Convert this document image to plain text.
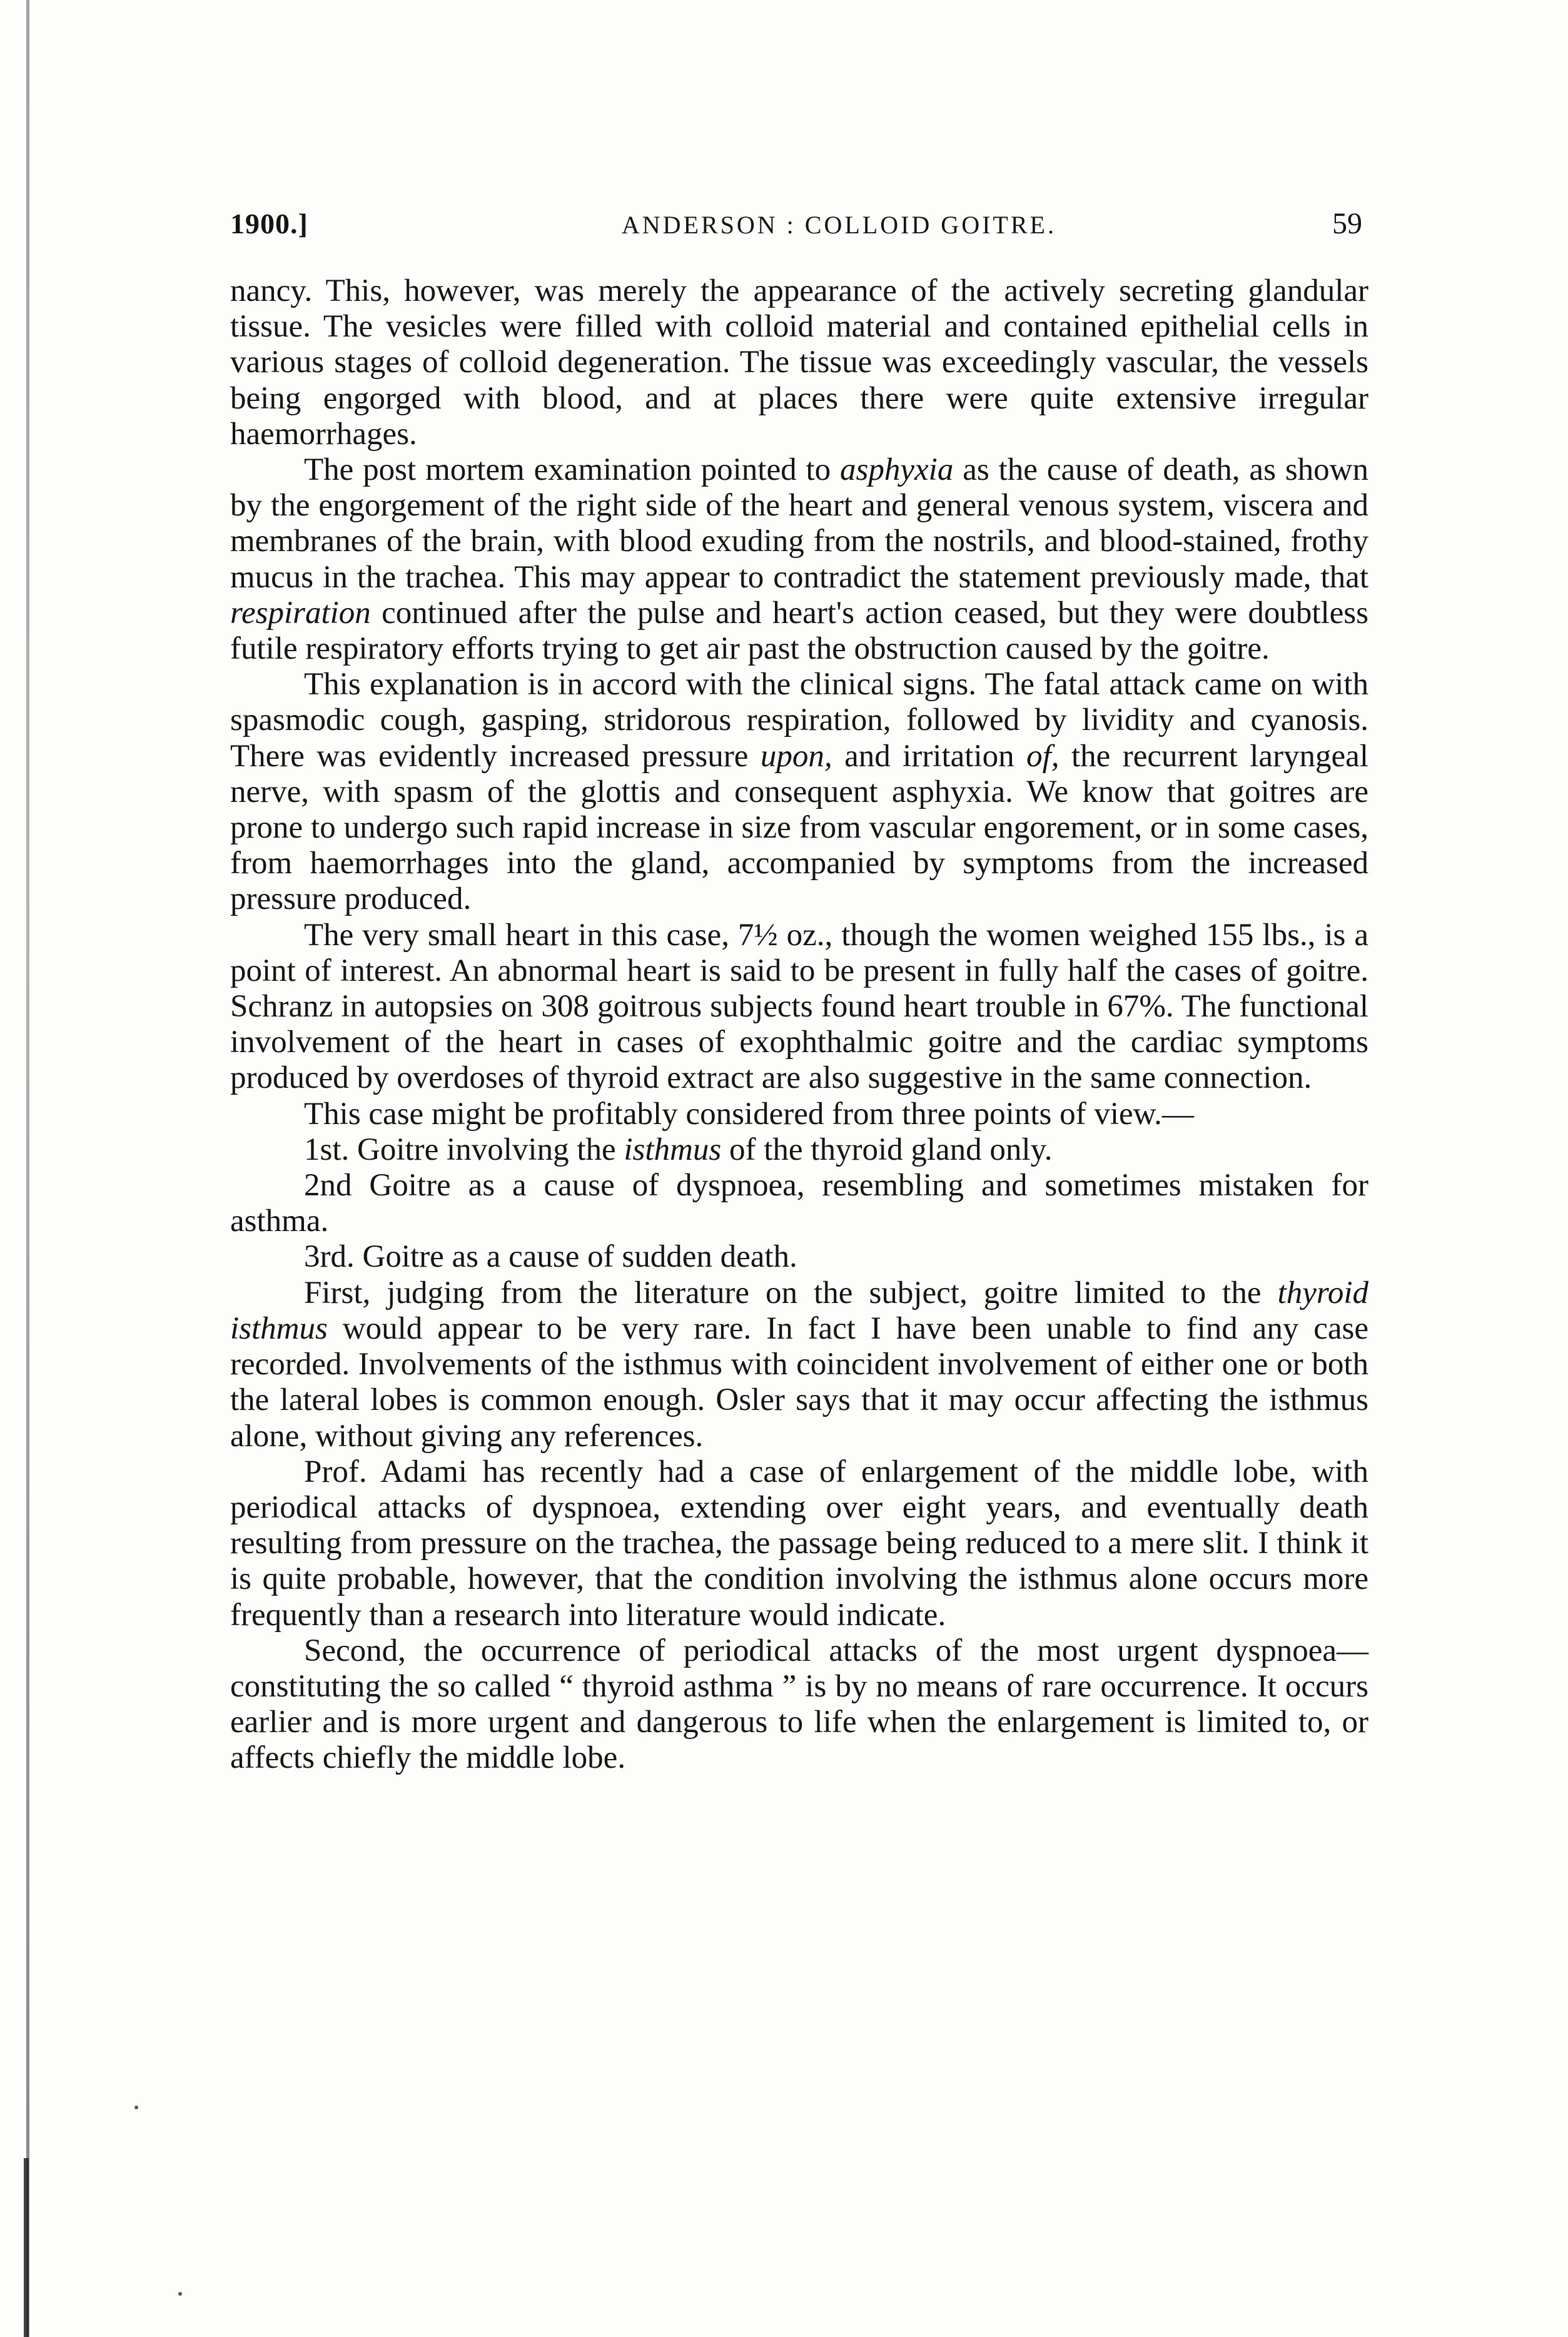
1900.]	ANDERSON : COLLOID GOITRE.	59

nancy. This, however, was merely the appearance of the actively secreting glandular tissue. The vesicles were filled with colloid material and contained epithelial cells in various stages of colloid degeneration. The tissue was exceedingly vascular, the vessels being engorged with blood, and at places there were quite extensive irregular haemorrhages.

The post mortem examination pointed to asphyxia as the cause of death, as shown by the engorgement of the right side of the heart and general venous system, viscera and membranes of the brain, with blood exuding from the nostrils, and blood-stained, frothy mucus in the trachea. This may appear to contradict the statement previously made, that respiration continued after the pulse and heart's action ceased, but they were doubtless futile respiratory efforts trying to get air past the obstruction caused by the goitre.

This explanation is in accord with the clinical signs. The fatal attack came on with spasmodic cough, gasping, stridorous respiration, followed by lividity and cyanosis. There was evidently increased pressure upon, and irritation of, the recurrent laryngeal nerve, with spasm of the glottis and consequent asphyxia. We know that goitres are prone to undergo such rapid increase in size from vascular engorement, or in some cases, from haemorrhages into the gland, accompanied by symptoms from the increased pressure produced.

The very small heart in this case, 7½ oz., though the women weighed 155 lbs., is a point of interest. An abnormal heart is said to be present in fully half the cases of goitre. Schranz in autopsies on 308 goitrous subjects found heart trouble in 67%. The functional involvement of the heart in cases of exophthalmic goitre and the cardiac symptoms produced by overdoses of thyroid extract are also suggestive in the same connection.

This case might be profitably considered from three points of view.—

1st. Goitre involving the isthmus of the thyroid gland only.

2nd Goitre as a cause of dyspnoea, resembling and sometimes mistaken for asthma.

3rd. Goitre as a cause of sudden death.

First, judging from the literature on the subject, goitre limited to the thyroid isthmus would appear to be very rare. In fact I have been unable to find any case recorded. Involvements of the isthmus with coincident involvement of either one or both the lateral lobes is common enough. Osler says that it may occur affecting the isthmus alone, without giving any references.

Prof. Adami has recently had a case of enlargement of the middle lobe, with periodical attacks of dyspnoea, extending over eight years, and eventually death resulting from pressure on the trachea, the passage being reduced to a mere slit. I think it is quite probable, however, that the condition involving the isthmus alone occurs more frequently than a research into literature would indicate.

Second, the occurrence of periodical attacks of the most urgent dyspnoea—constituting the so called “ thyroid asthma ” is by no means of rare occurrence. It occurs earlier and is more urgent and dangerous to life when the enlargement is limited to, or affects chiefly the middle lobe.
